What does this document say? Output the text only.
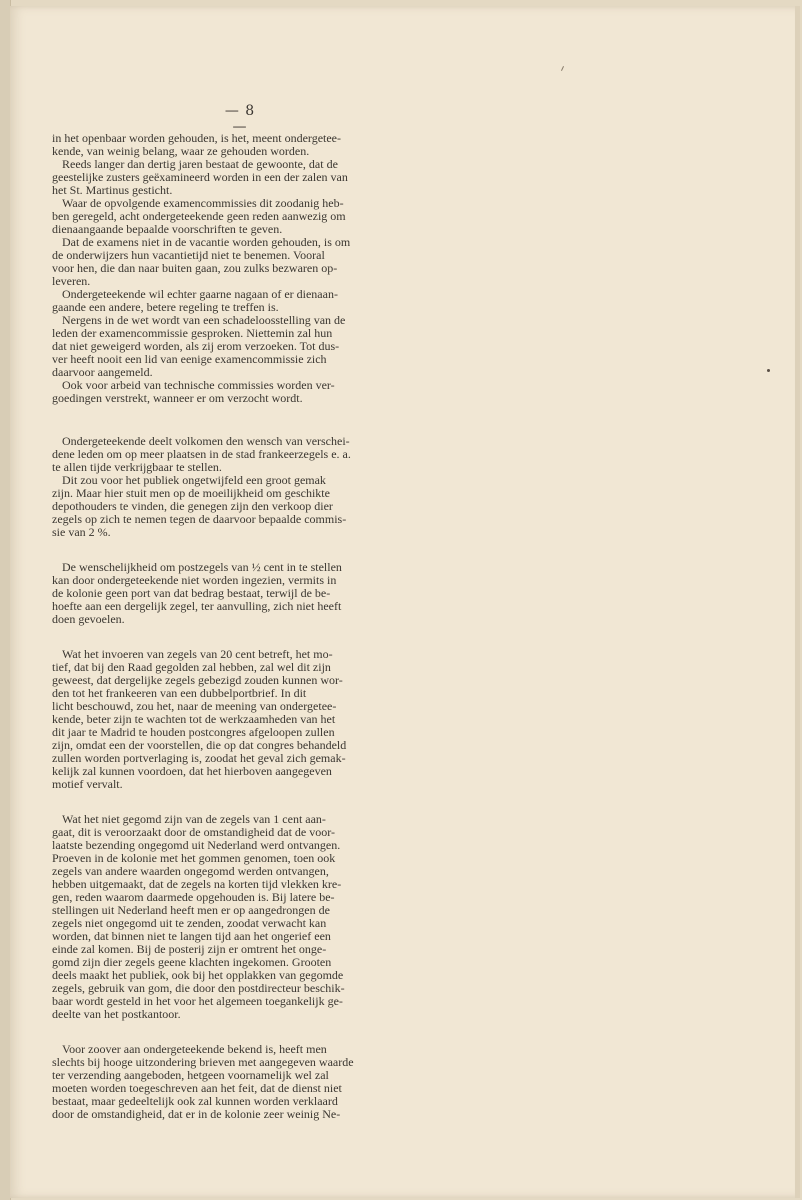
— 8 —

in het openbaar worden gehouden, is het, meent ondergetee-
kende, van weinig belang, waar ze gehouden worden.

Reeds langer dan dertig jaren bestaat de gewoonte, dat de
geestelijke zusters geëxamineerd worden in een der zalen van
het St. Martinus gesticht.

Waar de opvolgende examencommissies dit zoodanig heb-
ben geregeld, acht ondergeteekende geen reden aanwezig om
dienaangaande bepaalde voorschriften te geven.

Dat de examens niet in de vacantie worden gehouden, is om
de onderwijzers hun vacantietijd niet te benemen. Vooral
voor hen, die dan naar buiten gaan, zou zulks bezwaren op-
leveren.

Ondergeteekende wil echter gaarne nagaan of er dienaan-
gaande een andere, betere regeling te treffen is.

Nergens in de wet wordt van een schadeloosstelling van de
leden der examencommissie gesproken. Niettemin zal hun
dat niet geweigerd worden, als zij erom verzoeken. Tot dus-
ver heeft nooit een lid van eenige examencommissie zich
daarvoor aangemeld.

Ook voor arbeid van technische commissies worden ver-
goedingen verstrekt, wanneer er om verzocht wordt.

Ondergeteekende deelt volkomen den wensch van verschei-
dene leden om op meer plaatsen in de stad frankeerzegels e. a.
te allen tijde verkrijgbaar te stellen.

Dit zou voor het publiek ongetwijfeld een groot gemak
zijn. Maar hier stuit men op de moeilijkheid om geschikte
depothouders te vinden, die genegen zijn den verkoop dier
zegels op zich te nemen tegen de daarvoor bepaalde commis-
sie van 2 %.

De wenschelijkheid om postzegels van ½ cent in te stellen
kan door ondergeteekende niet worden ingezien, vermits in
de kolonie geen port van dat bedrag bestaat, terwijl de be-
hoefte aan een dergelijk zegel, ter aanvulling, zich niet heeft
doen gevoelen.

Wat het invoeren van zegels van 20 cent betreft, het mo-
tief, dat bij den Raad gegolden zal hebben, zal wel dit zijn
geweest, dat dergelijke zegels gebezigd zouden kunnen wor-
den tot het frankeeren van een dubbelportbrief. In dit
licht beschouwd, zou het, naar de meening van ondergetee-
kende, beter zijn te wachten tot de werkzaamheden van het
dit jaar te Madrid te houden postcongres afgeloopen zullen
zijn, omdat een der voorstellen, die op dat congres behandeld
zullen worden portverlaging is, zoodat het geval zich gemak-
kelijk zal kunnen voordoen, dat het hierboven aangegeven
motief vervalt.

Wat het niet gegomd zijn van de zegels van 1 cent aan-
gaat, dit is veroorzaakt door de omstandigheid dat de voor-
laatste bezending ongegomd uit Nederland werd ontvangen.
Proeven in de kolonie met het gommen genomen, toen ook
zegels van andere waarden ongegomd werden ontvangen,
hebben uitgemaakt, dat de zegels na korten tijd vlekken kre-
gen, reden waarom daarmede opgehouden is. Bij latere be-
stellingen uit Nederland heeft men er op aangedrongen de
zegels niet ongegomd uit te zenden, zoodat verwacht kan
worden, dat binnen niet te langen tijd aan het ongerief een
einde zal komen. Bij de posterij zijn er omtrent het onge-
gomd zijn dier zegels geene klachten ingekomen. Grooten
deels maakt het publiek, ook bij het opplakken van gegomde
zegels, gebruik van gom, die door den postdirecteur beschik-
baar wordt gesteld in het voor het algemeen toegankelijk ge-
deelte van het postkantoor.

Voor zoover aan ondergeteekende bekend is, heeft men
slechts bij hooge uitzondering brieven met aangegeven waarde
ter verzending aangeboden, hetgeen voornamelijk wel zal
moeten worden toegeschreven aan het feit, dat de dienst niet
bestaat, maar gedeeltelijk ook zal kunnen worden verklaard
door de omstandigheid, dat er in de kolonie zeer weinig Ne-
